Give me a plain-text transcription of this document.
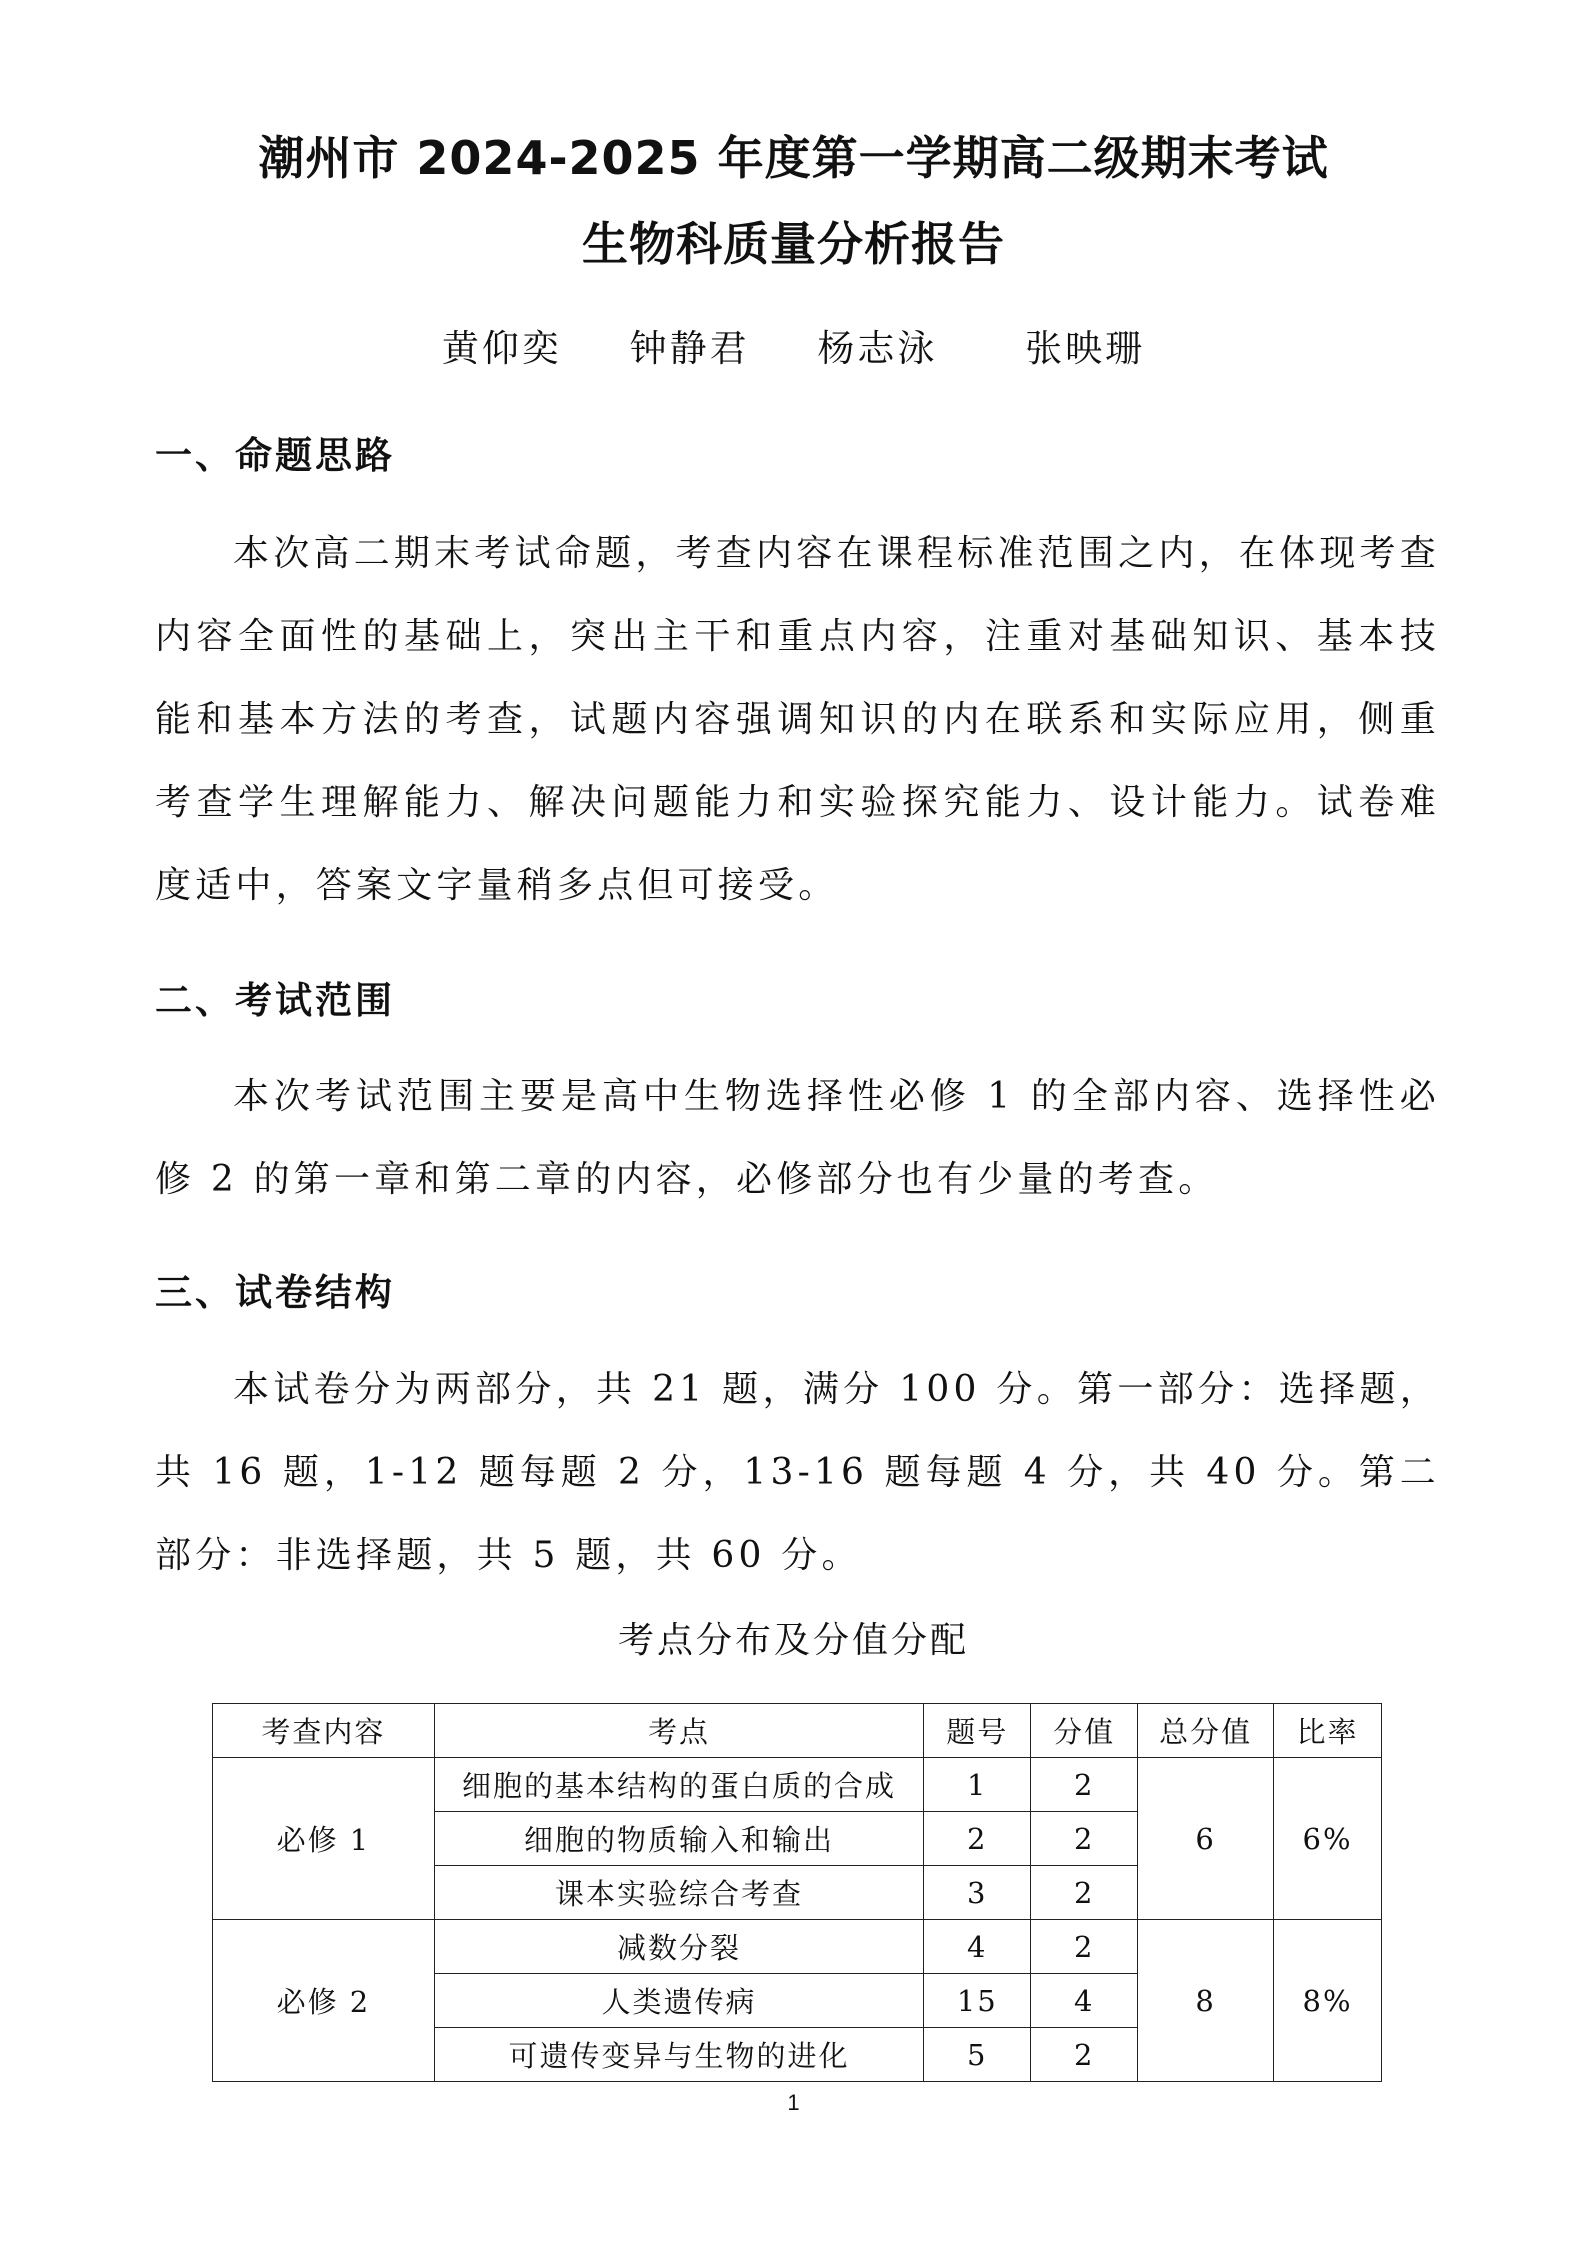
潮州市 2024-2025 年度第一学期高二级期末考试
生物科质量分析报告
黄仰奕 钟静君 杨志泳 张映珊
一、命题思路

本次高二期末考试命题，考查内容在课程标准范围之内，在体现考查内容全面性的基础上，突出主干和重点内容，注重对基础知识、基本技能和基本方法的考查，试题内容强调知识的内在联系和实际应用，侧重考查学生理解能力、解决问题能力和实验探究能力、设计能力。试卷难度适中，答案文字量稍多点但可接受。

二、考试范围

本次考试范围主要是高中生物选择性必修 1 的全部内容、选择性必修 2 的第一章和第二章的内容，必修部分也有少量的考查。

三、试卷结构

本试卷分为两部分，共 21 题，满分 100 分。第一部分：选择题，共 16 题，1-12 题每题 2 分，13-16 题每题 4 分，共 40 分。第二部分：非选择题，共 5 题，共 60 分。

考点分布及分值分配
考查内容	考点	题号	分值	总分值	比率
必修 1	细胞的基本结构的蛋白质的合成	1	2	6	6%
	细胞的物质输入和输出	2	2		
	课本实验综合考查	3	2		
必修 2	减数分裂	4	2	8	8%
	人类遗传病	15	4		
	可遗传变异与生物的进化	5	2		
1
